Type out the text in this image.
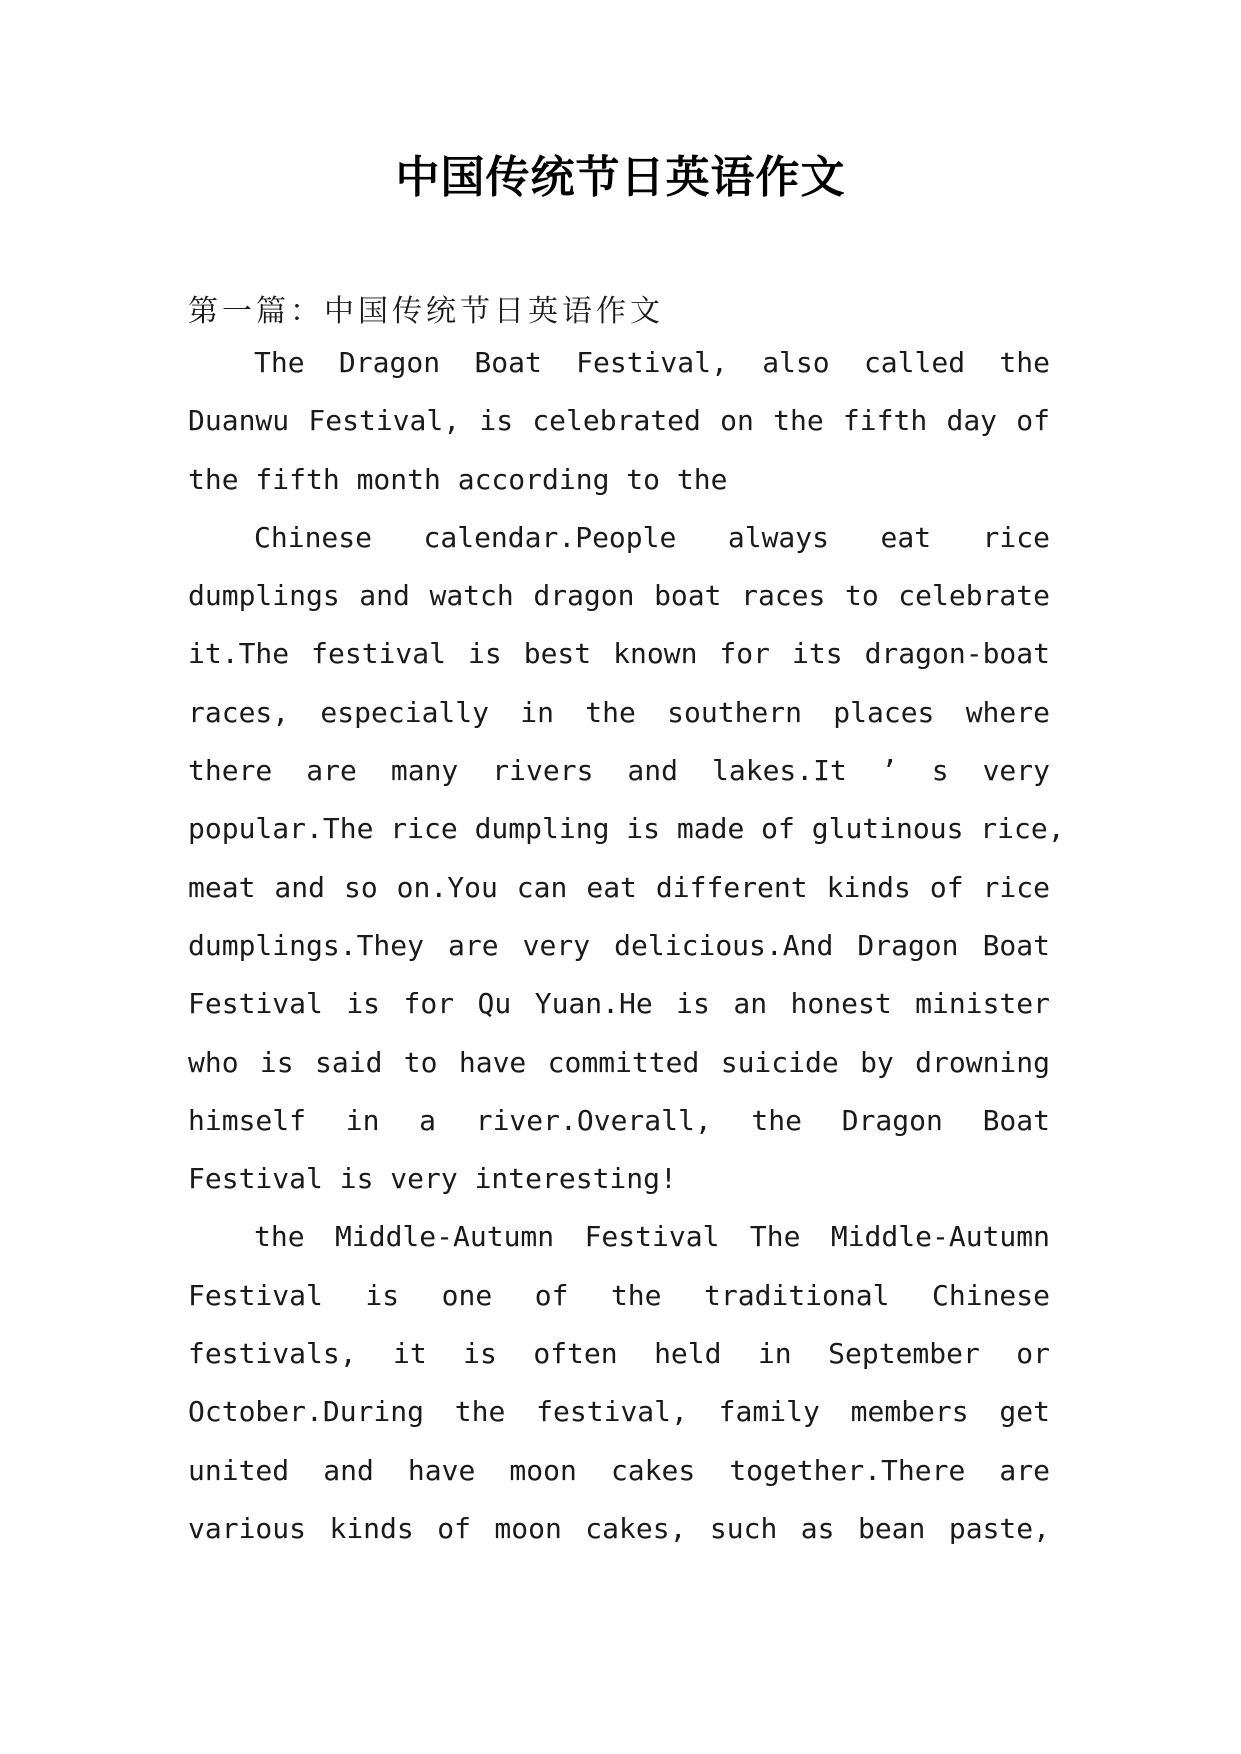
中国传统节日英语作文

第一篇：中国传统节日英语作文

The Dragon Boat Festival, also called the
Duanwu Festival, is celebrated on the fifth day of
the fifth month according to the
Chinese calendar.People always eat rice
dumplings and watch dragon boat races to celebrate
it.The festival is best known for its dragon-boat
races, especially in the southern places where
there are many rivers and lakes.It ’ s very
popular.The rice dumpling is made of glutinous rice,
meat and so on.You can eat different kinds of rice
dumplings.They are very delicious.And Dragon Boat
Festival is for Qu Yuan.He is an honest minister
who is said to have committed suicide by drowning
himself in a river.Overall, the Dragon Boat
Festival is very interesting!
the Middle-Autumn Festival The Middle-Autumn
Festival is one of the traditional Chinese
festivals, it is often held in September or
October.During the festival, family members get
united and have moon cakes together.There are
various kinds of moon cakes, such as bean paste,
